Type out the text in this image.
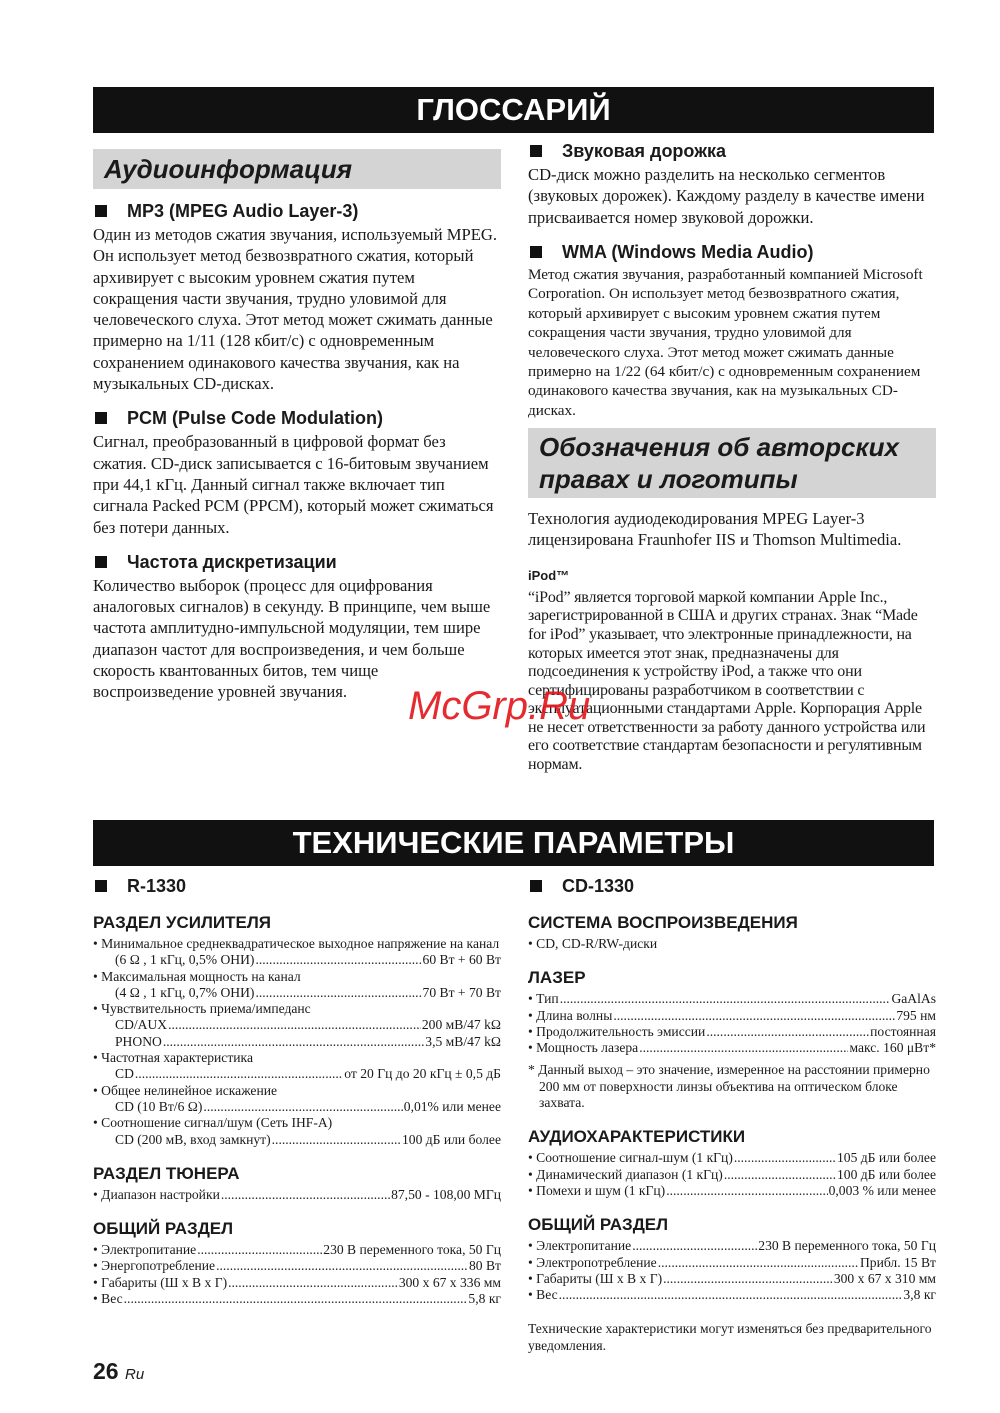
ГЛОССАРИЙ
Аудиоинформация
MP3 (MPEG Audio Layer-3)

Один из методов сжатия звучания, используемый MPEG. Он использует метод безвозвратного сжатия, который архивирует с высоким уровнем сжатия путем сокращения части звучания, трудно уловимой для человеческого слуха. Этот метод может сжимать данные примерно на 1/11 (128 кбит/с) с одновременным сохранением одинакового качества звучания, как на музыкальных CD-дисках.

PCM (Pulse Code Modulation)

Сигнал, преобразованный в цифровой формат без сжатия. CD-диск записывается с 16-битовым звучанием при 44,1 кГц. Данный сигнал также включает тип сигнала Packed PCM (PPCM), который может сжиматься без потери данных.

Частота дискретизации

Количество выборок (процесс для оцифрования аналоговых сигналов) в секунду. В принципе, чем выше частота амплитудно-импульсной модуляции, тем шире диапазон частот для воспроизведения, и чем больше скорость квантованных битов, тем чище воспроизведение уровней звучания.

Звуковая дорожка

CD-диск можно разделить на несколько сегментов (звуковых дорожек). Каждому разделу в качестве имени присваивается номер звуковой дорожки.

WMA (Windows Media Audio)

Метод сжатия звучания, разработанный компанией Microsoft Corporation. Он использует метод безвозвратного сжатия, который архивирует с высоким уровнем сжатия путем сокращения части звучания, трудно уловимой для человеческого слуха. Этот метод может сжимать данные примерно на 1/22 (64 кбит/с) с одновременным сохранением одинакового качества звучания, как на музыкальных CD-дисках.

Обозначения об авторских правах и логотипы

Технология аудиодекодирования MPEG Layer-3 лицензирована Fraunhofer IIS и Thomson Multimedia.

iPod™

“iPod” является торговой маркой компании Apple Inc., зарегистрированной в США и других странах. Знак “Made for iPod” указывает, что электронные принадлежности, на которых имеется этот знак, предназначены для подсоединения к устройству iPod, а также что они сертифицированы разработчиком в соответствии с эксплуатационными стандартами Apple. Корпорация Apple не несет ответственности за работу данного устройства или его соответствие стандартам безопасности и регулятивным нормам.

McGrp.Ru
ТЕХНИЧЕСКИЕ ПАРАМЕТРЫ
R-1330
РАЗДЕЛ УСИЛИТЕЛЯ
• Минимальное среднеквадратическое выходное напряжение на канал
(6 Ω , 1 кГц, 0,5% ОНИ) .....	60 Вт + 60 Вт
• Максимальная мощность на канал
(4 Ω , 1 кГц, 0,7% ОНИ) .....	70 Вт + 70 Вт
• Чувствительность приема/импеданс
CD/AUX .....	200 мВ/47 kΩ
PHONO .....	3,5 мВ/47 kΩ
• Частотная характеристика
CD .....	от 20 Гц до 20 кГц ± 0,5 дБ
• Общее нелинейное искажение
CD (10 Вт/6 Ω) .....	0,01% или менее
• Соотношение сигнал/шум (Сеть IHF-A)
CD (200 мВ, вход замкнут) .....	100 дБ или более
РАЗДЕЛ ТЮНЕРА
• Диапазон настройки .....	87,50 - 108,00 МГц
ОБЩИЙ РАЗДЕЛ
• Электропитание .....	230 В переменного тока, 50 Гц
• Энергопотребление .....	80 Вт
• Габариты (Ш x В x Г) .....	300 x 67 x 336 мм
• Вес .....	5,8 кг
CD-1330
СИСТЕМА ВОСПРОИЗВЕДЕНИЯ
• CD, CD-R/RW-диски
ЛАЗЕР
• Тип .....	GaAlAs
• Длина волны .....	795 нм
• Продолжительность эмиссии .....	постоянная
• Мощность лазера .....	макс. 160 μВт*

* Данный выход – это значение, измеренное на расстоянии примерно 200 мм от поверхности линзы объектива на оптическом блоке захвата.

АУДИОХАРАКТЕРИСТИКИ
• Соотношение сигнал-шум (1 кГц) .....	105 дБ или более
• Динамический диапазон (1 кГц) .....	100 дБ или более
• Помехи и шум (1 кГц) .....	0,003 % или менее
ОБЩИЙ РАЗДЕЛ
• Электропитание .....	230 В переменного тока, 50 Гц
• Электропотребление .....	Прибл. 15 Вт
• Габариты (Ш x В x Г) .....	300 x 67 x 310 мм
• Вес .....	3,8 кг

Технические характеристики могут изменяться без предварительного уведомления.

26 Ru
